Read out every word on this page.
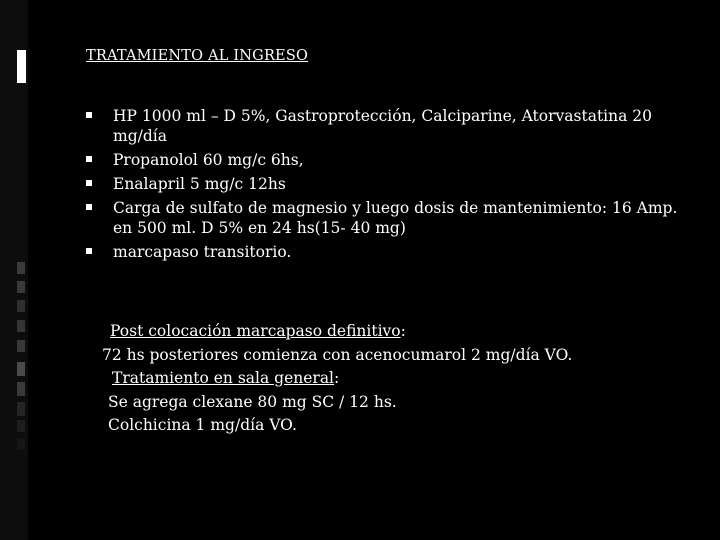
TRATAMIENTO AL INGRESO
HP 1000 ml – D 5%, Gastroprotección, Calciparine, Atorvastatina 20 mg/día
Propanolol 60 mg/c 6hs,
Enalapril 5 mg/c 12hs
Carga de sulfato de magnesio y luego dosis de mantenimiento: 16 Amp. en 500 ml. D 5% en 24 hs(15- 40 mg)
marcapaso transitorio.
Post colocación marcapaso definitivo:
72 hs posteriores comienza con acenocumarol 2 mg/día VO.
Tratamiento en sala general:
Se agrega clexane 80 mg SC / 12 hs.
Colchicina 1 mg/día VO.
